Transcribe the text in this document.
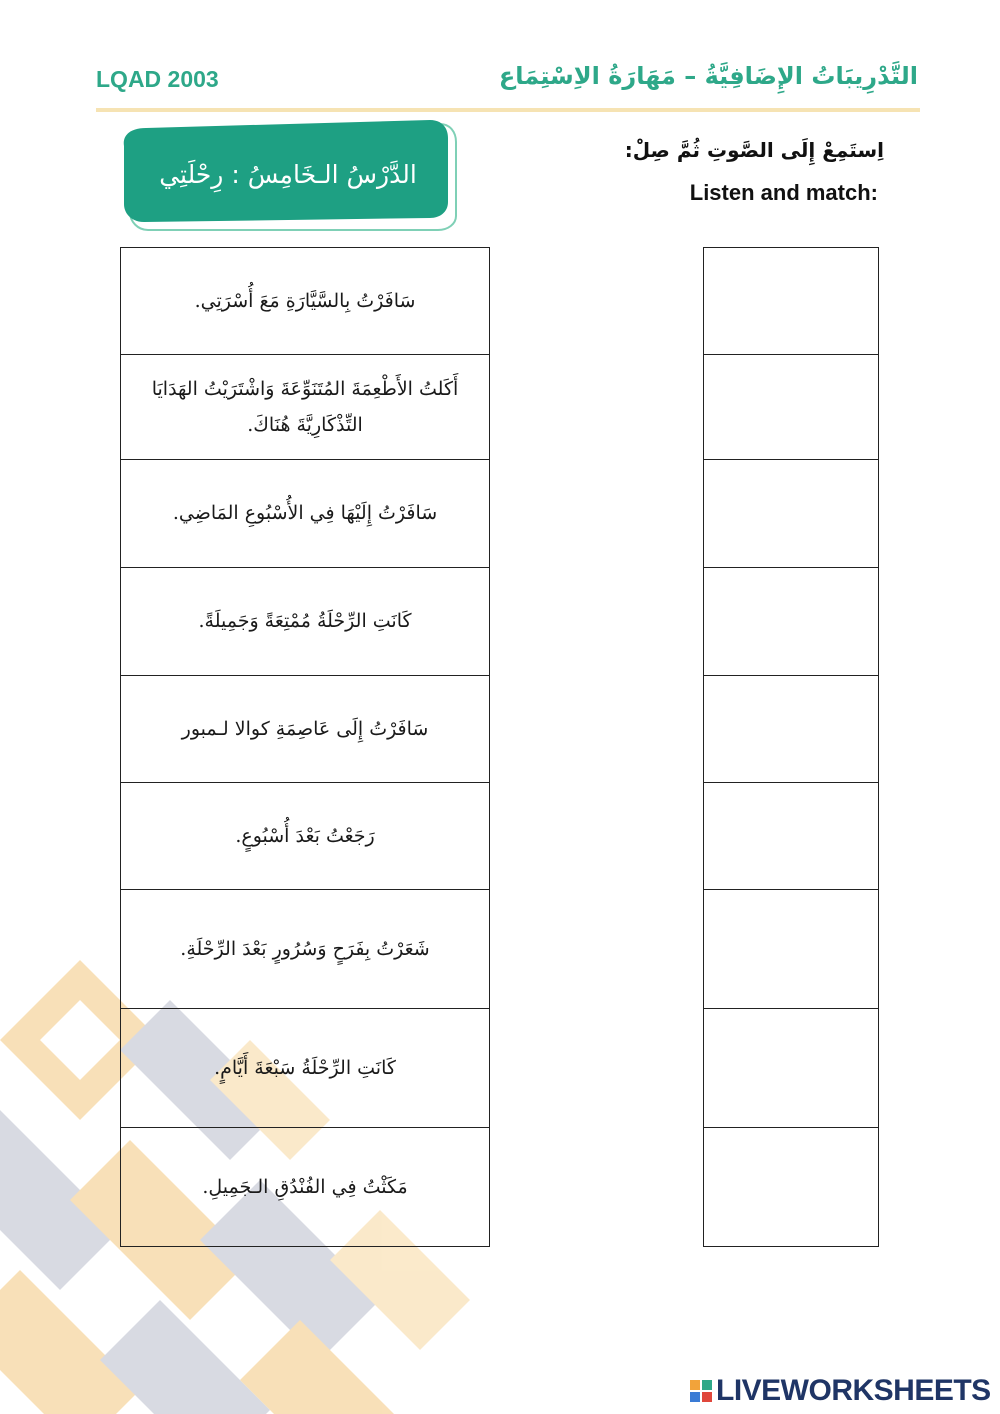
LQAD 2003	التَّدْرِيبَاتُ الإِضَافِيَّةُ – مَهَارَةُ الاِسْتِمَاع
الدَّرْسُ الـخَامِسُ : رِحْلَتِي
اِستَمِعْ إِلَى الصَّوتِ ثُمَّ صِلْ:
Listen and match:
سَافَرْتُ بِالسَّيَّارَةِ مَعَ أُسْرَتِي.
أَكَلتُ الأَطْعِمَةَ المُتَنَوِّعَةَ وَاشْتَرَيْتُ الهَدَايَا التِّذْكَارِيَّةَ هُنَاكَ.
سَافَرْتُ إِلَيْهَا فِي الأُسْبُوعِ المَاضِي.
كَانَتِ الرِّحْلَةُ مُمْتِعَةً وَجَمِيلَةً.
سَافَرْتُ إِلَى عَاصِمَةِ كوالا لـمبور
رَجَعْتُ بَعْدَ أُسْبُوعٍ.
شَعَرْتُ بِفَرَحٍ وَسُرُورٍ بَعْدَ الرِّحْلَةِ.
كَانَتِ الرِّحْلَةُ سَبْعَةَ أَيَّامٍ.
مَكَثْتُ فِي الفُنْدُقِ الـجَمِيلِ.
LIVEWORKSHEETS
